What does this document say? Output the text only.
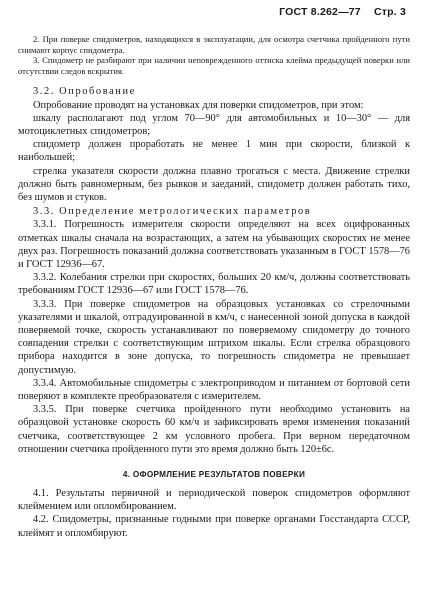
ГОСТ 8.262—77 Стр. 3

2. При поверке спидометров, находящихся в эксплуатации, для осмотра счетчика пройденного пути снимают корпус спидометра.

3. Спидометр не разбирают при наличии неповрежденного оттиска клейма предыдущей поверки или отсутствии следов вскрытия.

3.2. Опробование

Опробование проводят на установках для поверки спидометров, при этом:

шкалу располагают под углом 70—90° для автомобильных и 10—30° — для мотоциклетных спидометров;

спидометр должен проработать не менее 1 мин при скорости, близкой к наибольшей;

стрелка указателя скорости должна плавно трогаться с места. Движение стрелки должно быть равномерным, без рывков и заеданий, спидометр должен работать тихо, без шумов и стуков.

3.3. Определение метрологических параметров

3.3.1. Погрешность измерителя скорости определяют на всех оцифрованных отметках шкалы сначала на возрастающих, а затем на убывающих скоростях не менее двух раз. Погрешность показаний должна соответствовать указанным в ГОСТ 1578—76 и ГОСТ 12936—67.

3.3.2. Колебания стрелки при скоростях, больших 20 км/ч, должны соответствовать требованиям ГОСТ 12936—67 или ГОСТ 1578—76.

3.3.3. При поверке спидометров на образцовых установках со стрелочными указателями и шкалой, отградуированной в км/ч, с нанесенной зоной допуска в каждой поверяемой точке, скорость устанавливают по поверяемому спидометру до точного совпадения стрелки с соответствующим штрихом шкалы. Если стрелка образцового прибора находится в зоне допуска, то погрешность спидометра не превышает допустимую.

3.3.4. Автомобильные спидометры с электроприводом и питанием от бортовой сети поверяют в комплекте преобразователя с измерителем.

3.3.5. При поверке счетчика пройденного пути необходимо установить на образцовой установке скорость 60 км/ч и зафиксировать время изменения показаний счетчика, соответствующее 2 км условного пробега. При верном передаточном отношении счетчика пройденного пути это время должно быть 120±6с.

4. ОФОРМЛЕНИЕ РЕЗУЛЬТАТОВ ПОВЕРКИ

4.1. Результаты первичной и периодической поверок спидометров оформляют клеймением или опломбированием.

4.2. Спидометры, признанные годными при поверке органами Госстандарта СССР, клеймят и опломбируют.
